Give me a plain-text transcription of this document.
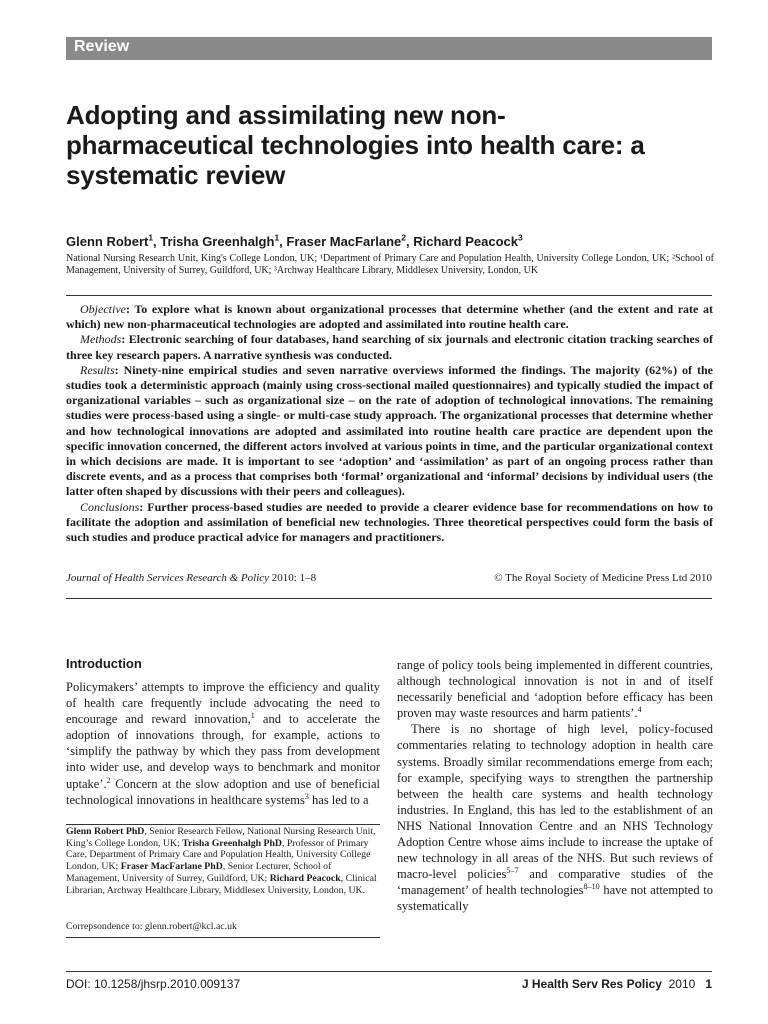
Review
Adopting and assimilating new non-pharmaceutical technologies into health care: a systematic review
Glenn Robert$^1$, Trisha Greenhalgh$^1$, Fraser MacFarlane$^2$, Richard Peacock$^3$
National Nursing Research Unit, King's College London, UK; ¹Department of Primary Care and Population Health, University College London, UK; ²School of Management, University of Surrey, Guildford, UK; ³Archway Healthcare Library, Middlesex University, London, UK

Objective: To explore what is known about organizational processes that determine whether (and the extent and rate at which) new non-pharmaceutical technologies are adopted and assimilated into routine health care.

Methods: Electronic searching of four databases, hand searching of six journals and electronic citation tracking searches of three key research papers. A narrative synthesis was conducted.

Results: Ninety-nine empirical studies and seven narrative overviews informed the findings. The majority (62%) of the studies took a deterministic approach (mainly using cross-sectional mailed questionnaires) and typically studied the impact of organizational variables – such as organizational size – on the rate of adoption of technological innovations. The remaining studies were process-based using a single- or multi-case study approach. The organizational processes that determine whether and how technological innovations are adopted and assimilated into routine health care practice are dependent upon the specific innovation concerned, the different actors involved at various points in time, and the particular organizational context in which decisions are made. It is important to see ‘adoption’ and ‘assimilation’ as part of an ongoing process rather than discrete events, and as a process that comprises both ‘formal’ organizational and ‘informal’ decisions by individual users (the latter often shaped by discussions with their peers and colleagues).

Conclusions: Further process-based studies are needed to provide a clearer evidence base for recommendations on how to facilitate the adoption and assimilation of beneficial new technologies. Three theoretical perspectives could form the basis of such studies and produce practical advice for managers and practitioners.

Journal of Health Services Research & Policy 2010: 1–8	© The Royal Society of Medicine Press Ltd 2010
Introduction

Policymakers’ attempts to improve the efficiency and quality of health care frequently include advocating the need to encourage and reward innovation,$^1$ and to accelerate the adoption of innovations through, for example, actions to ‘simplify the pathway by which they pass from development into wider use, and develop ways to benchmark and monitor uptake’.$^2$ Concern at the slow adoption and use of beneficial technological innovations in healthcare systems$^3$ has led to a

Glenn Robert PhD, Senior Research Fellow, National Nursing Research Unit, King’s College London, UK; Trisha Greenhalgh PhD, Professor of Primary Care, Department of Primary Care and Population Health, University College London, UK; Fraser MacFarlane PhD, Senior Lecturer, School of Management, University of Surrey, Guildford, UK; Richard Peacock, Clinical Librarian, Archway Healthcare Library, Middlesex University, London, UK.
Correpsondence to: glenn.robert@kcl.ac.uk

range of policy tools being implemented in different countries, although technological innovation is not in and of itself necessarily beneficial and ‘adoption before efficacy has been proven may waste resources and harm patients’.$^4$

There is no shortage of high level, policy-focused commentaries relating to technology adoption in health care systems. Broadly similar recommendations emerge from each; for example, specifying ways to strengthen the partnership between the health care systems and health technology industries. In England, this has led to the establishment of an NHS National Innovation Centre and an NHS Technology Adoption Centre whose aims include to increase the uptake of new technology in all areas of the NHS. But such reviews of macro-level policies$^{5-7}$ and comparative studies of the ‘management’ of health technologies$^{8-10}$ have not attempted to systematically

DOI: 10.1258/jhsrp.2010.009137	J Health Serv Res Policy 2010 1
